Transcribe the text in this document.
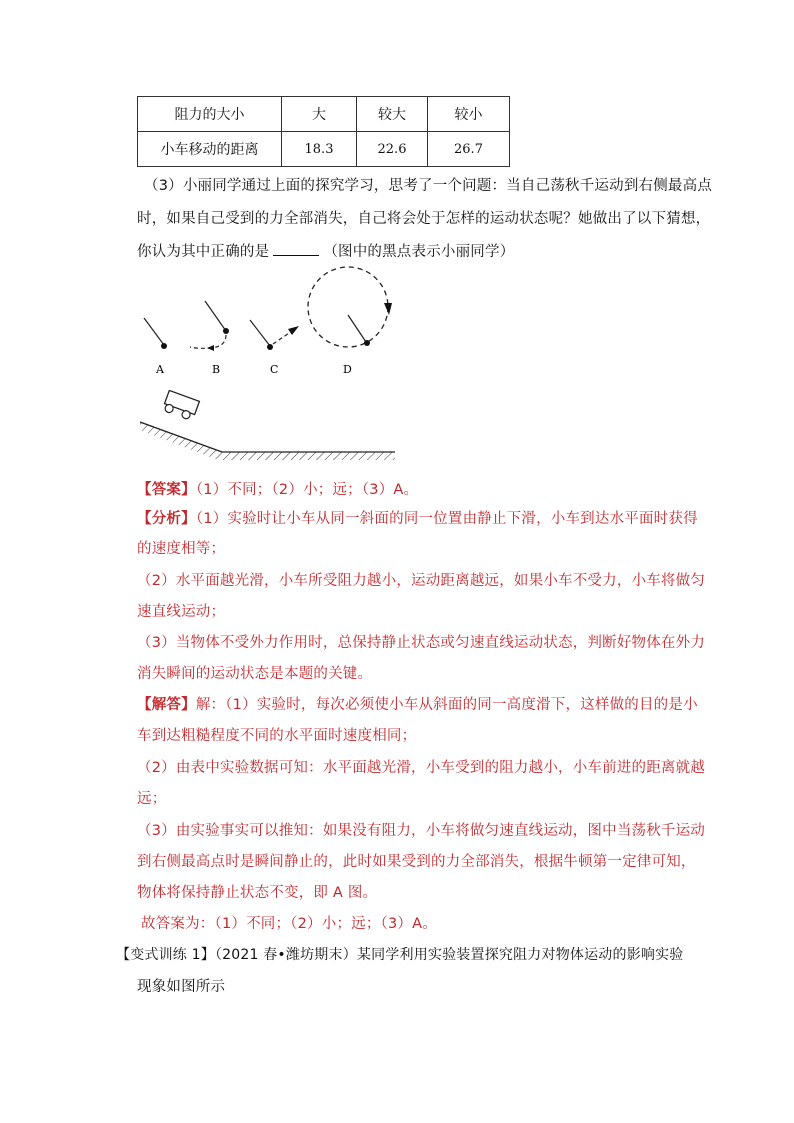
阻力的大小	大	较大	较小
小车移动的距离	18.3	22.6	26.7
（3）小丽同学通过上面的探究学习，思考了一个问题：当自己荡秋千运动到右侧最高点
时，如果自己受到的力全部消失，自己将会处于怎样的运动状态呢？她做出了以下猜想，
你认为其中正确的是	（图中的黑点表示小丽同学）
A	B	C	D
【答案】（1）不同；（2）小；远；（3）A。
【分析】（1）实验时让小车从同一斜面的同一位置由静止下滑，小车到达水平面时获得
的速度相等；
（2）水平面越光滑，小车所受阻力越小，运动距离越远，如果小车不受力，小车将做匀
速直线运动；
（3）当物体不受外力作用时，总保持静止状态或匀速直线运动状态，判断好物体在外力
消失瞬间的运动状态是本题的关键。
【解答】解：（1）实验时，每次必须使小车从斜面的同一高度滑下，这样做的目的是小
车到达粗糙程度不同的水平面时速度相同；
（2）由表中实验数据可知：水平面越光滑，小车受到的阻力越小，小车前进的距离就越
远；
（3）由实验事实可以推知：如果没有阻力，小车将做匀速直线运动，图中当荡秋千运动
到右侧最高点时是瞬间静止的，此时如果受到的力全部消失，根据牛顿第一定律可知，
物体将保持静止状态不变，即 A 图。
故答案为：（1）不同；（2）小；远；（3）A。
【变式训练 1】（2021 春•潍坊期末）某同学利用实验装置探究阻力对物体运动的影响实验
现象如图所示
